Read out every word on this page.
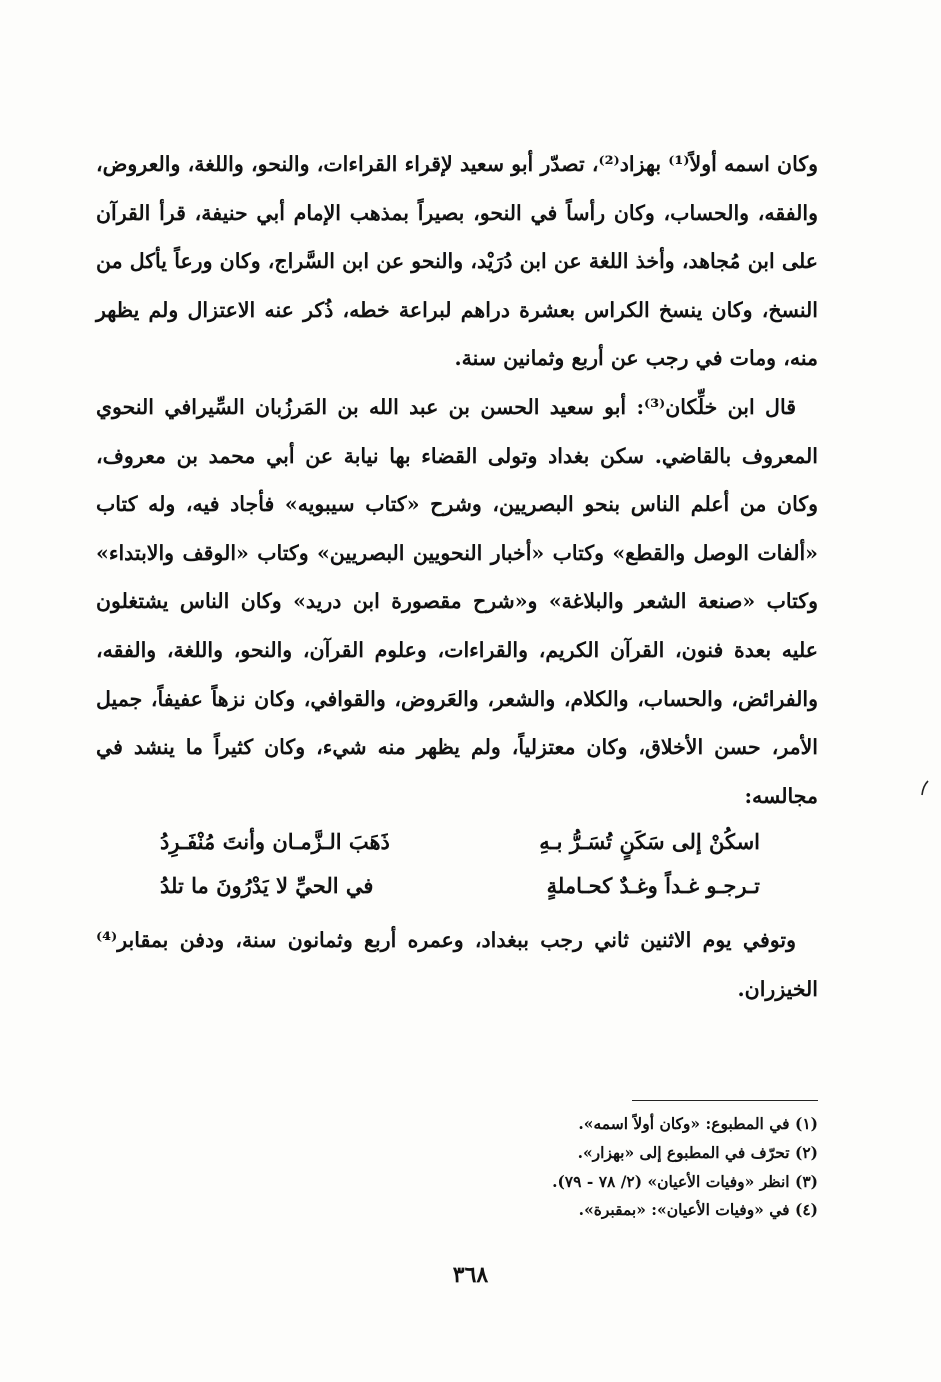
وكان اسمه أولاً⁽¹⁾ بهزاد⁽²⁾، تصدّر أبو سعيد لإقراء القراءات، والنحو، واللغة، والعروض، والفقه، والحساب، وكان رأساً في النحو، بصيراً بمذهب الإمام أبي حنيفة، قرأ القرآن على ابن مُجاهد، وأخذ اللغة عن ابن دُرَيْد، والنحو عن ابن السَّراج، وكان ورعاً يأكل من النسخ، وكان ينسخ الكراس بعشرة دراهم لبراعة خطه، ذُكر عنه الاعتزال ولم يظهر منه، ومات في رجب عن أربع وثمانين سنة.

قال ابن خلِّكان⁽³⁾: أبو سعيد الحسن بن عبد الله بن المَرزُبان السِّيرافي النحوي المعروف بالقاضي. سكن بغداد وتولى القضاء بها نيابة عن أبي محمد بن معروف، وكان من أعلم الناس بنحو البصريين، وشرح «كتاب سيبويه» فأجاد فيه، وله كتاب «ألفات الوصل والقطع» وكتاب «أخبار النحويين البصريين» وكتاب «الوقف والابتداء» وكتاب «صنعة الشعر والبلاغة» و«شرح مقصورة ابن دريد» وكان الناس يشتغلون عليه بعدة فنون، القرآن الكريم، والقراءات، وعلوم القرآن، والنحو، واللغة، والفقه، والفرائض، والحساب، والكلام، والشعر، والعَروض، والقوافي، وكان نزهاً عفيفاً، جميل الأمر، حسن الأخلاق، وكان معتزلياً، ولم يظهر منه شيء، وكان كثيراً ما ينشد في مجالسه:

اسكُنْ إلى سَكَنٍ تُسَـرُّ بـهِ
ذَهَبَ الـزَّمـان وأنتَ مُنْفَـرِدُ
تـرجـو غـداً وغـدٌ كحـاملةٍ
في الحيِّ لا يَدْرُونَ ما تلدُ

وتوفي يوم الاثنين ثاني رجب ببغداد، وعمره أربع وثمانون سنة، ودفن بمقابر⁽⁴⁾ الخيزران.

(١) في المطبوع: «وكان أولاً اسمه».
(٢) تحرّف في المطبوع إلى «بهزار».
(٣) انظر «وفيات الأعيان» (٢/ ٧٨ - ٧٩).
(٤) في «وفيات الأعيان»: «بمقبرة».
٣٦٨
